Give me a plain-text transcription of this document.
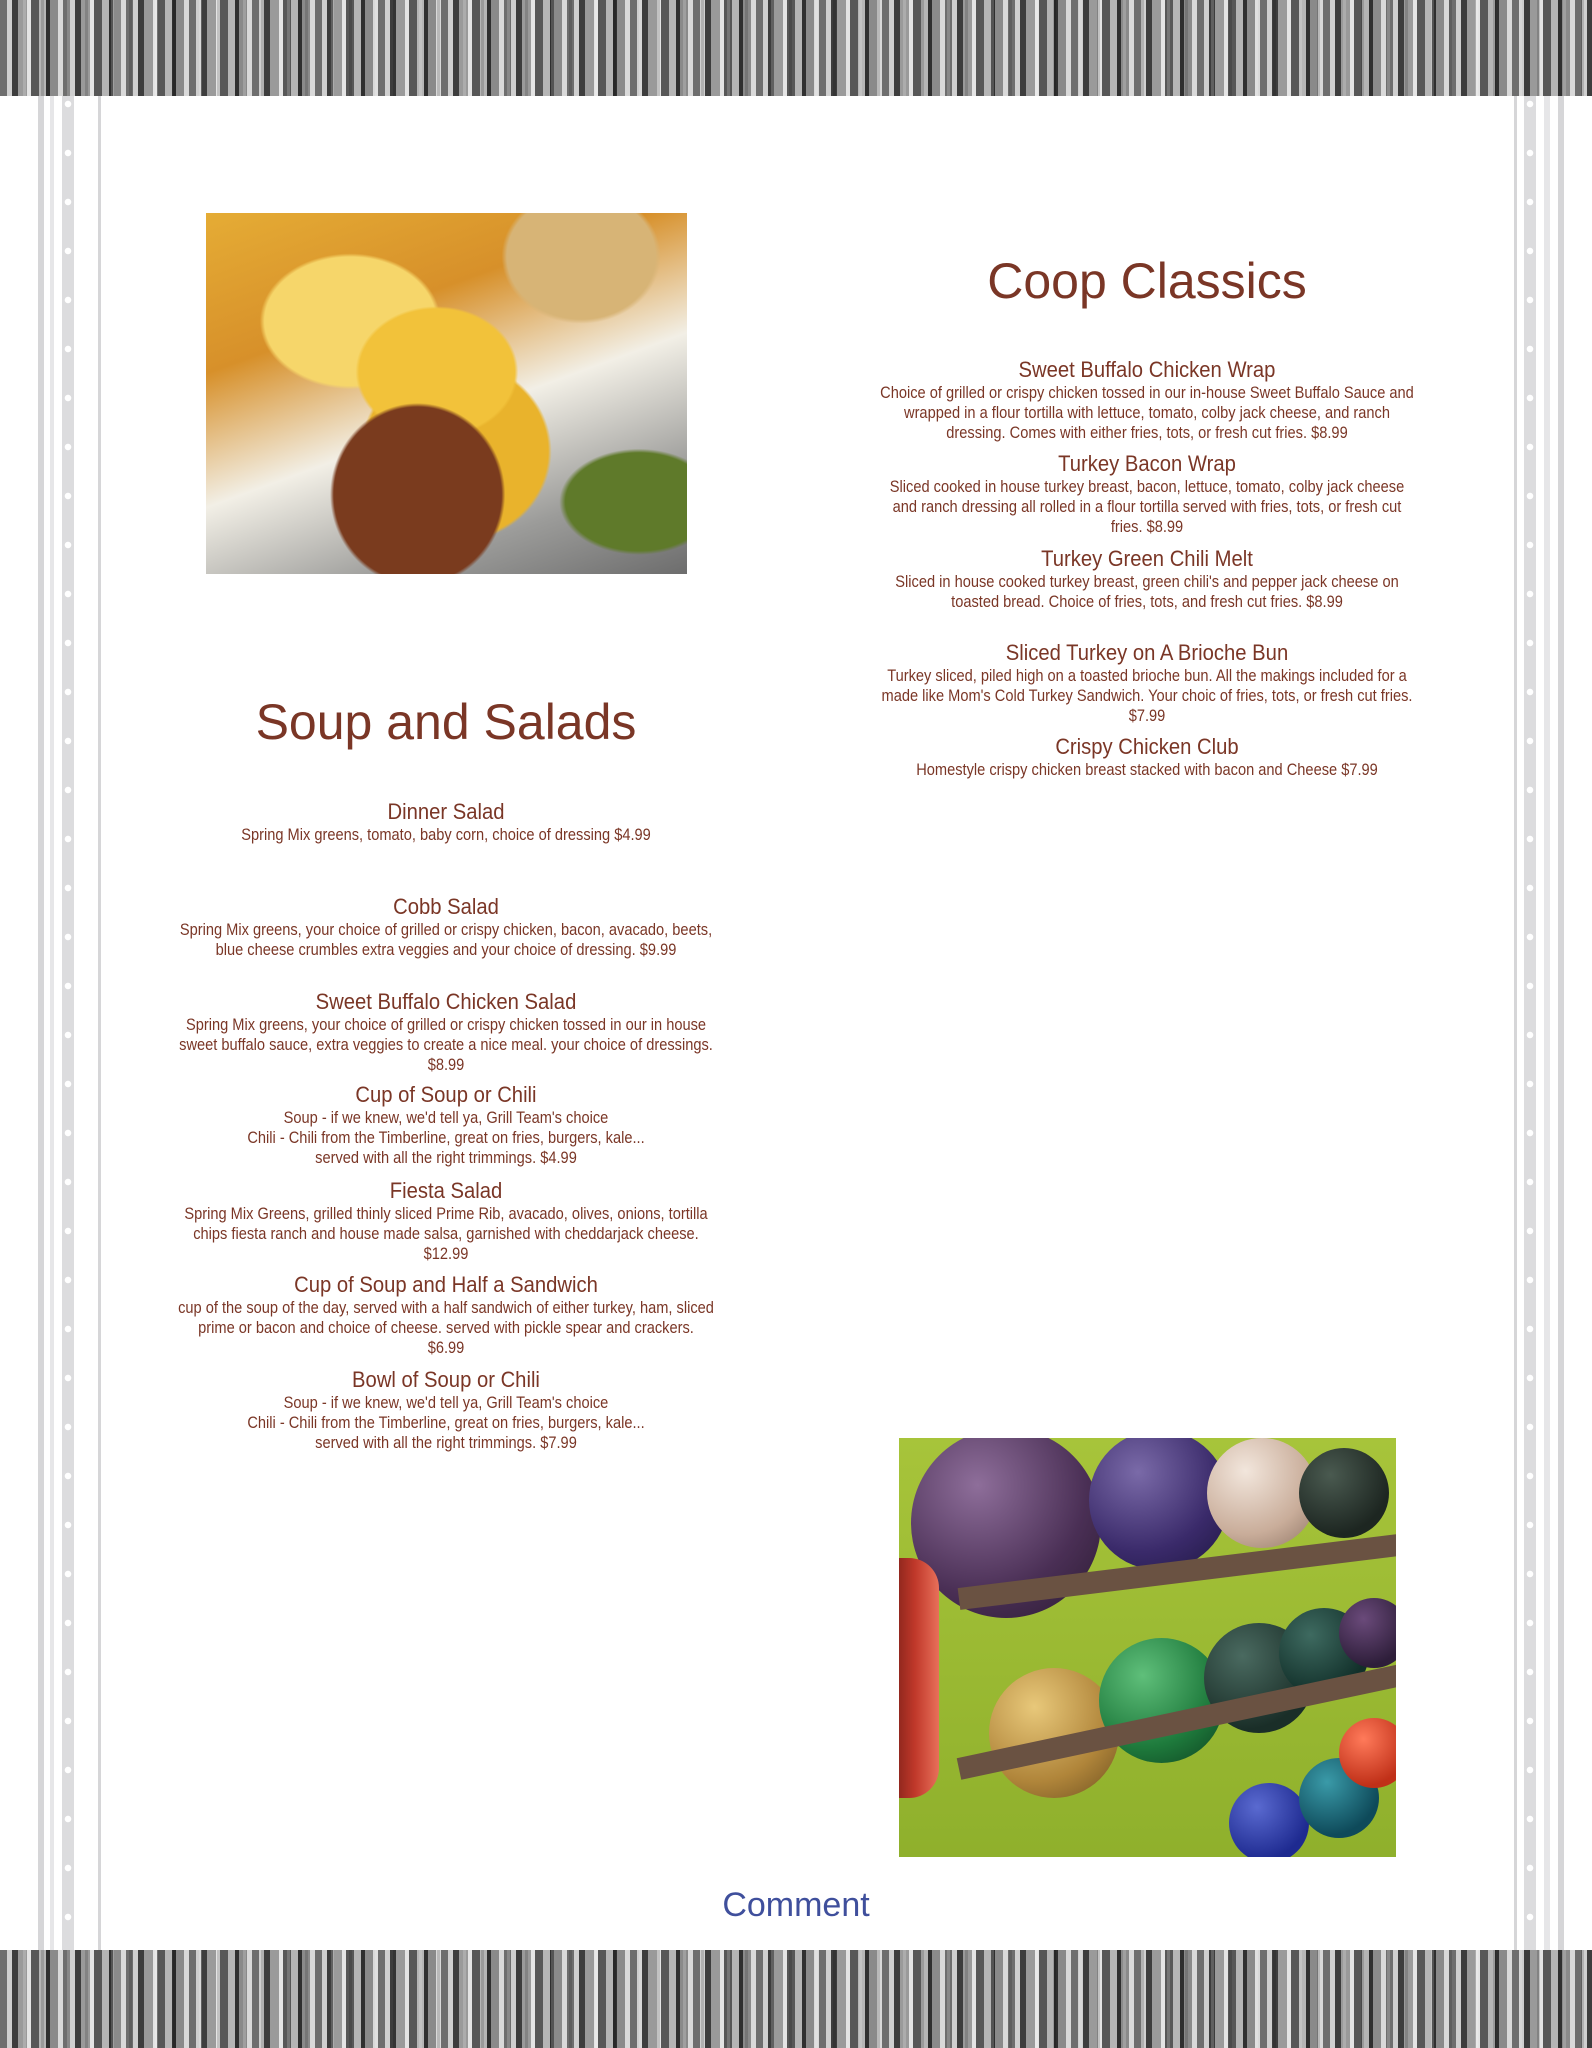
Coop Classics
Sweet Buffalo Chicken Wrap
Choice of grilled or crispy chicken tossed in our in-house Sweet Buffalo Sauce and
wrapped in a flour tortilla with lettuce, tomato, colby jack cheese, and ranch
dressing. Comes with either fries, tots, or fresh cut fries. $8.99
Turkey Bacon Wrap
Sliced cooked in house turkey breast, bacon, lettuce, tomato, colby jack cheese
and ranch dressing all rolled in a flour tortilla served with fries, tots, or fresh cut
fries. $8.99
Turkey Green Chili Melt
Sliced in house cooked turkey breast, green chili's and pepper jack cheese on
toasted bread. Choice of fries, tots, and fresh cut fries. $8.99
Sliced Turkey on A Brioche Bun
Turkey sliced, piled high on a toasted brioche bun. All the makings included for a
made like Mom's Cold Turkey Sandwich. Your choic of fries, tots, or fresh cut fries.
$7.99
Crispy Chicken Club
Homestyle crispy chicken breast stacked with bacon and Cheese $7.99
Soup and Salads
Dinner Salad
Spring Mix greens, tomato, baby corn, choice of dressing $4.99
Cobb Salad
Spring Mix greens, your choice of grilled or crispy chicken, bacon, avacado, beets,
blue cheese crumbles extra veggies and your choice of dressing. $9.99
Sweet Buffalo Chicken Salad
Spring Mix greens, your choice of grilled or crispy chicken tossed in our in house
sweet buffalo sauce, extra veggies to create a nice meal. your choice of dressings.
$8.99
Cup of Soup or Chili
Soup - if we knew, we'd tell ya, Grill Team's choice
Chili - Chili from the Timberline, great on fries, burgers, kale...
served with all the right trimmings. $4.99
Fiesta Salad
Spring Mix Greens, grilled thinly sliced Prime Rib, avacado, olives, onions, tortilla
chips fiesta ranch and house made salsa, garnished with cheddarjack cheese.
$12.99
Cup of Soup and Half a Sandwich
cup of the soup of the day, served with a half sandwich of either turkey, ham, sliced
prime or bacon and choice of cheese. served with pickle spear and crackers.
$6.99
Bowl of Soup or Chili
Soup - if we knew, we'd tell ya, Grill Team's choice
Chili - Chili from the Timberline, great on fries, burgers, kale...
served with all the right trimmings. $7.99
Comment
